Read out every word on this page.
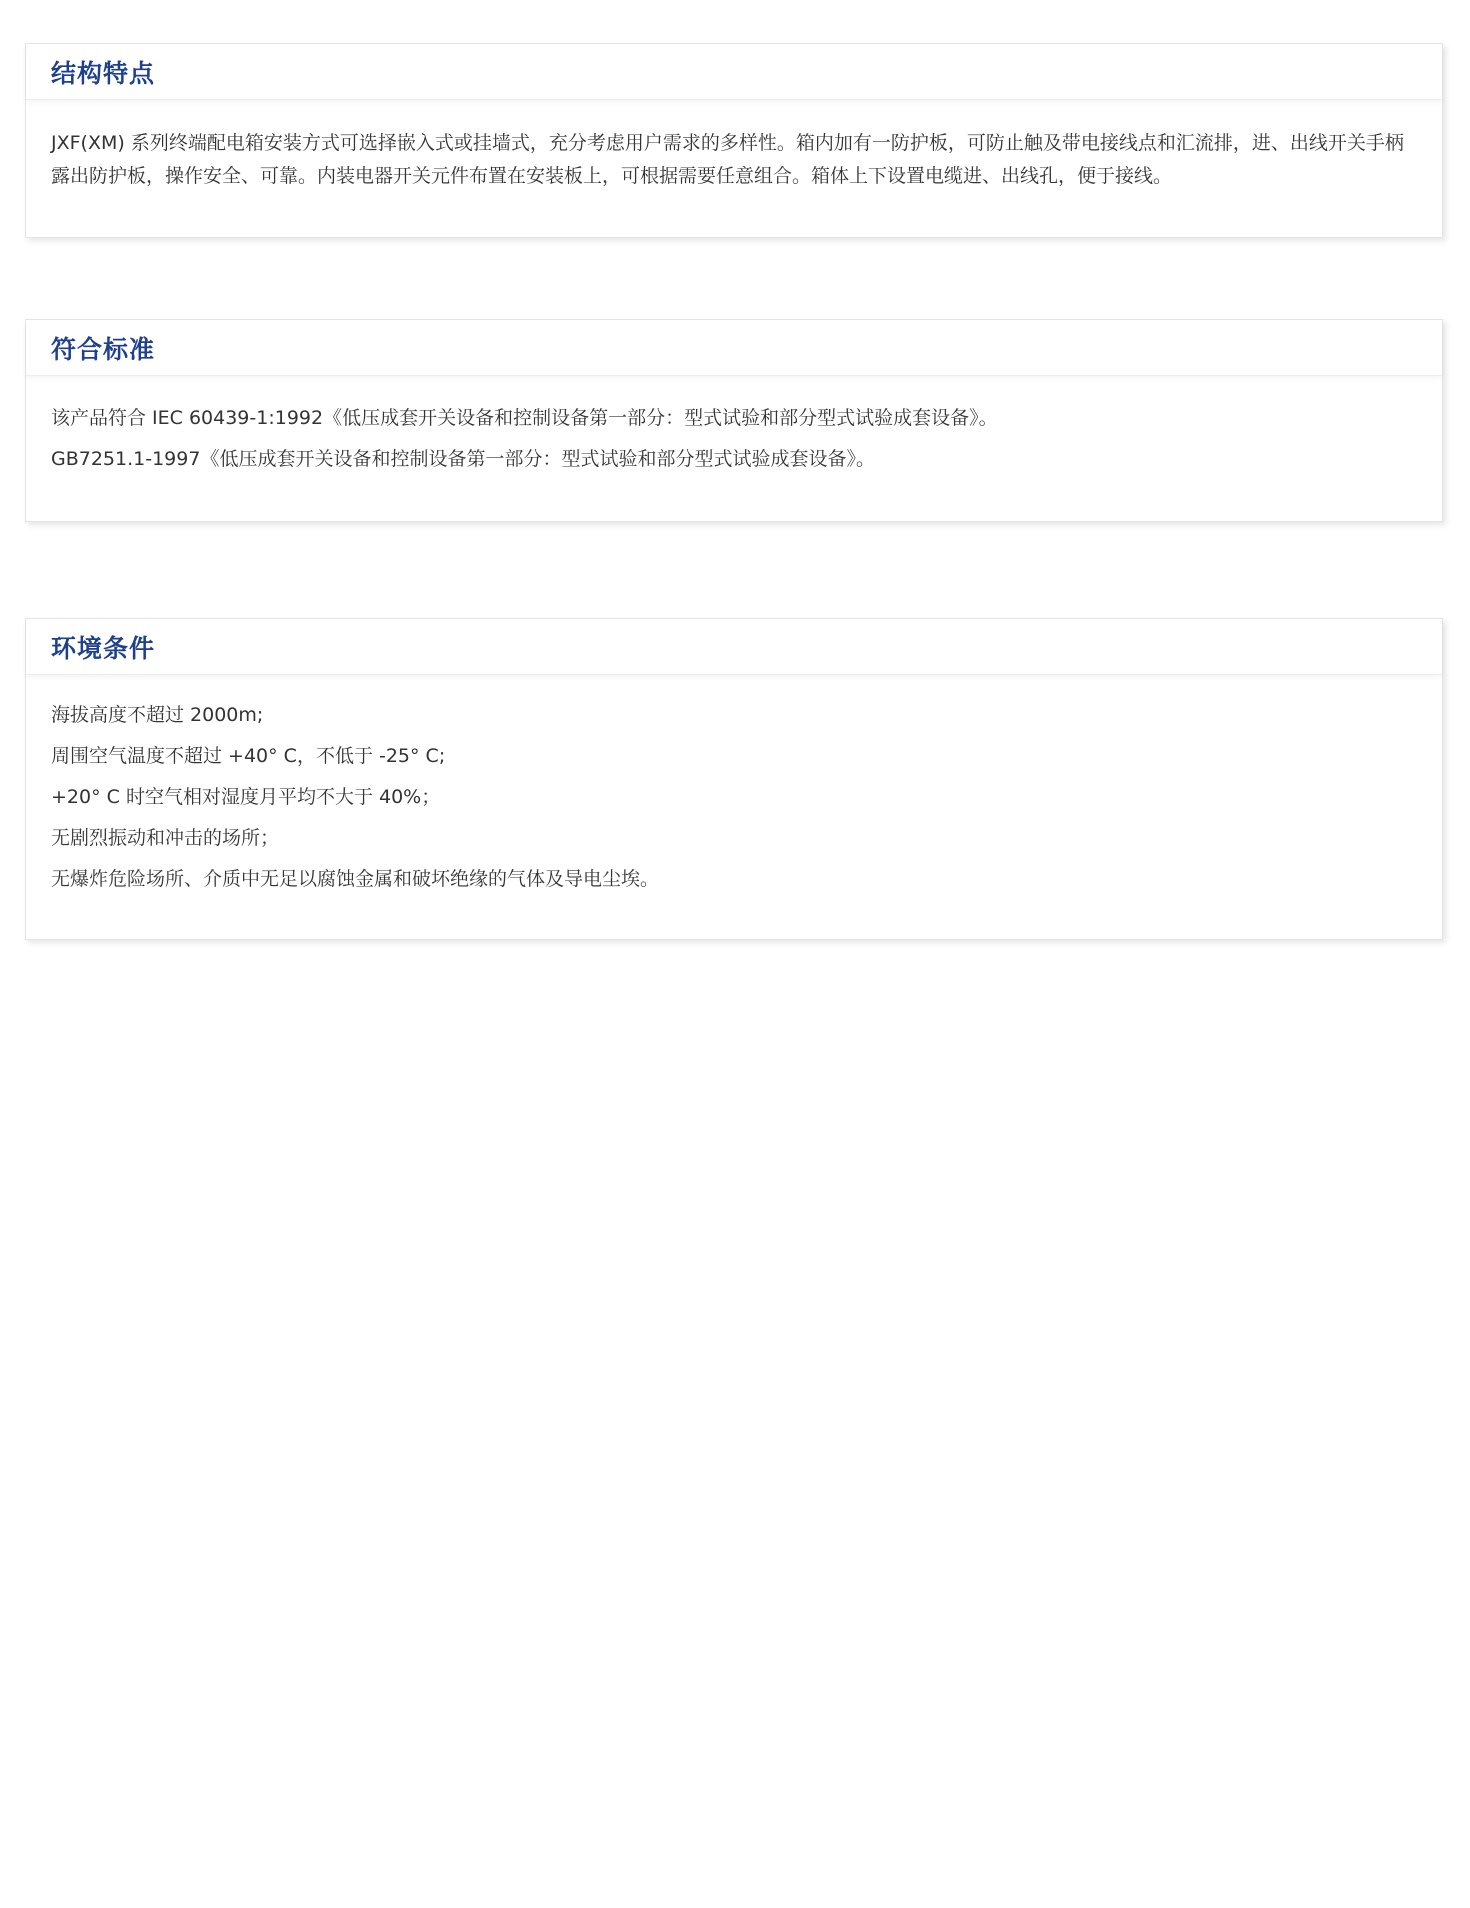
结构特点

JXF(XM) 系列终端配电箱安装方式可选择嵌入式或挂墙式，充分考虑用户需求的多样性。箱内加有一防护板，可防止触及带电接线点和汇流排，进、出线开关手柄露出防护板，操作安全、可靠。内装电器开关元件布置在安装板上，可根据需要任意组合。箱体上下设置电缆进、出线孔，便于接线。

符合标准

该产品符合 IEC 60439-1:1992《低压成套开关设备和控制设备第一部分：型式试验和部分型式试验成套设备》。

GB7251.1-1997《低压成套开关设备和控制设备第一部分：型式试验和部分型式试验成套设备》。

环境条件

海拔高度不超过 2000m;

周围空气温度不超过 +40° C，不低于 -25° C;

+20° C 时空气相对湿度月平均不大于 40%；

无剧烈振动和冲击的场所；

无爆炸危险场所、介质中无足以腐蚀金属和破坏绝缘的气体及导电尘埃。
